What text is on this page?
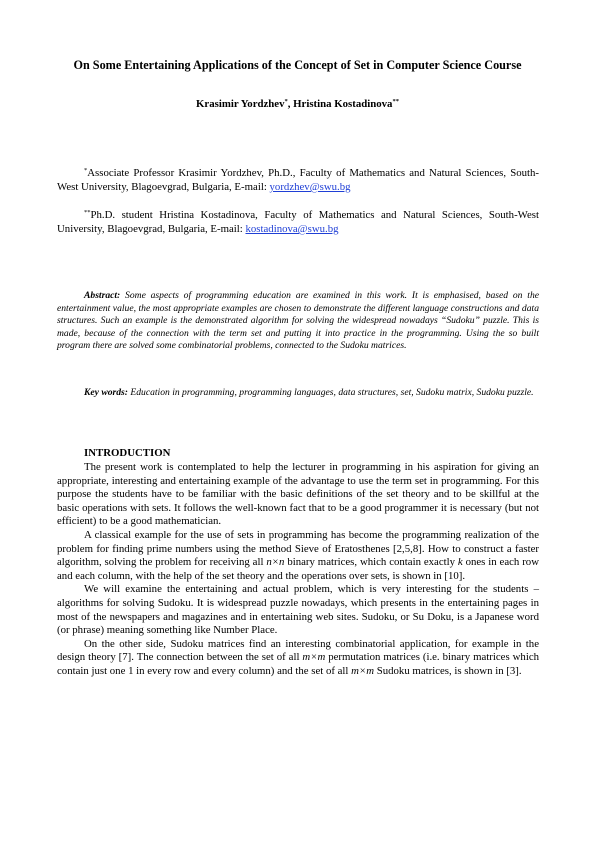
On Some Entertaining Applications of the Concept of Set in Computer Science Course
Krasimir Yordzhev*, Hristina Kostadinova**

*Associate Professor Krasimir Yordzhev, Ph.D., Faculty of Mathematics and Natural Sciences, South-West University, Blagoevgrad, Bulgaria, E-mail: yordzhev@swu.bg

**Ph.D. student Hristina Kostadinova, Faculty of Mathematics and Natural Sciences, South-West University, Blagoevgrad, Bulgaria, E-mail: kostadinova@swu.bg

Abstract: Some aspects of programming education are examined in this work. It is emphasised, based on the entertainment value, the most appropriate examples are chosen to demonstrate the different language constructions and data structures. Such an example is the demonstrated algorithm for solving the widespread nowadays “Sudoku” puzzle. This is made, because of the connection with the term set and putting it into practice in the programming. Using the so built program there are solved some combinatorial problems, connected to the Sudoku matrices.

Key words: Education in programming, programming languages, data structures, set, Sudoku matrix, Sudoku puzzle.

INTRODUCTION

The present work is contemplated to help the lecturer in programming in his aspiration for giving an appropriate, interesting and entertaining example of the advantage to use the term set in programming. For this purpose the students have to be familiar with the basic definitions of the set theory and to be skillful at the basic operations with sets. It follows the well-known fact that to be a good programmer it is necessary (but not efficient) to be a good mathematician.

A classical example for the use of sets in programming has become the programming realization of the problem for finding prime numbers using the method Sieve of Eratosthenes [2,5,8]. How to construct a faster algorithm, solving the problem for receiving all n×n binary matrices, which contain exactly k ones in each row and each column, with the help of the set theory and the operations over sets, is shown in [10].

We will examine the entertaining and actual problem, which is very interesting for the students – algorithms for solving Sudoku. It is widespread puzzle nowadays, which presents in the entertaining pages in most of the newspapers and magazines and in entertaining web sites. Sudoku, or Su Doku, is a Japanese word (or phrase) meaning something like Number Place.

On the other side, Sudoku matrices find an interesting combinatorial application, for example in the design theory [7]. The connection between the set of all m×m permutation matrices (i.e. binary matrices which contain just one 1 in every row and every column) and the set of all m×m Sudoku matrices, is shown in [3].
